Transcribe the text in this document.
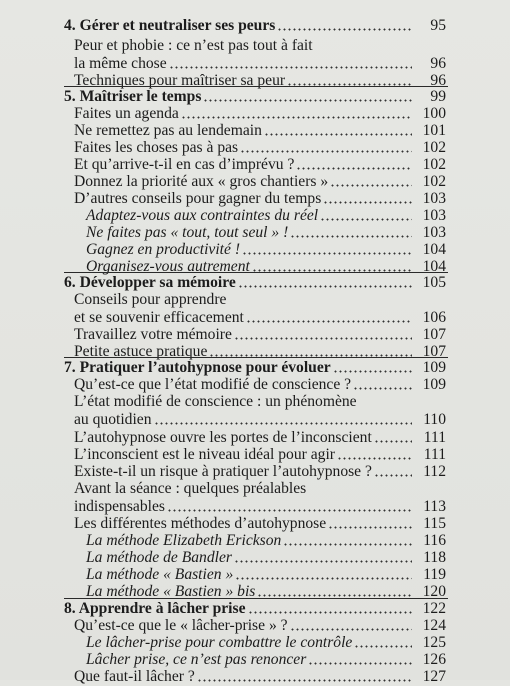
4. Gérer et neutraliser ses peurs	95
Peur et phobie : ce n’est pas tout à fait
la même chose	96
Techniques pour maîtriser sa peur	96
5. Maîtriser le temps	99
Faites un agenda	100
Ne remettez pas au lendemain	101
Faites les choses pas à pas	102
Et qu’arrive-t-il en cas d’imprévu ?	102
Donnez la priorité aux « gros chantiers »	102
D’autres conseils pour gagner du temps	103
Adaptez-vous aux contraintes du réel	103
Ne faites pas « tout, tout seul » !	103
Gagnez en productivité !	104
Organisez-vous autrement	104
6. Développer sa mémoire	105
Conseils pour apprendre
et se souvenir efficacement	106
Travaillez votre mémoire	107
Petite astuce pratique	107
7. Pratiquer l’autohypnose pour évoluer	109
Qu’est-ce que l’état modifié de conscience ?	109
L’état modifié de conscience : un phénomène
au quotidien	110
L’autohypnose ouvre les portes de l’inconscient	111
L’inconscient est le niveau idéal pour agir	111
Existe-t-il un risque à pratiquer l’autohypnose ?	112
Avant la séance : quelques préalables
indispensables	113
Les différentes méthodes d’autohypnose	115
La méthode Elizabeth Erickson	116
La méthode de Bandler	118
La méthode « Bastien »	119
La méthode « Bastien » bis	120
8. Apprendre à lâcher prise	122
Qu’est-ce que le « lâcher-prise » ?	124
Le lâcher-prise pour combattre le contrôle	125
Lâcher prise, ce n’est pas renoncer	126
Que faut-il lâcher ?	127
